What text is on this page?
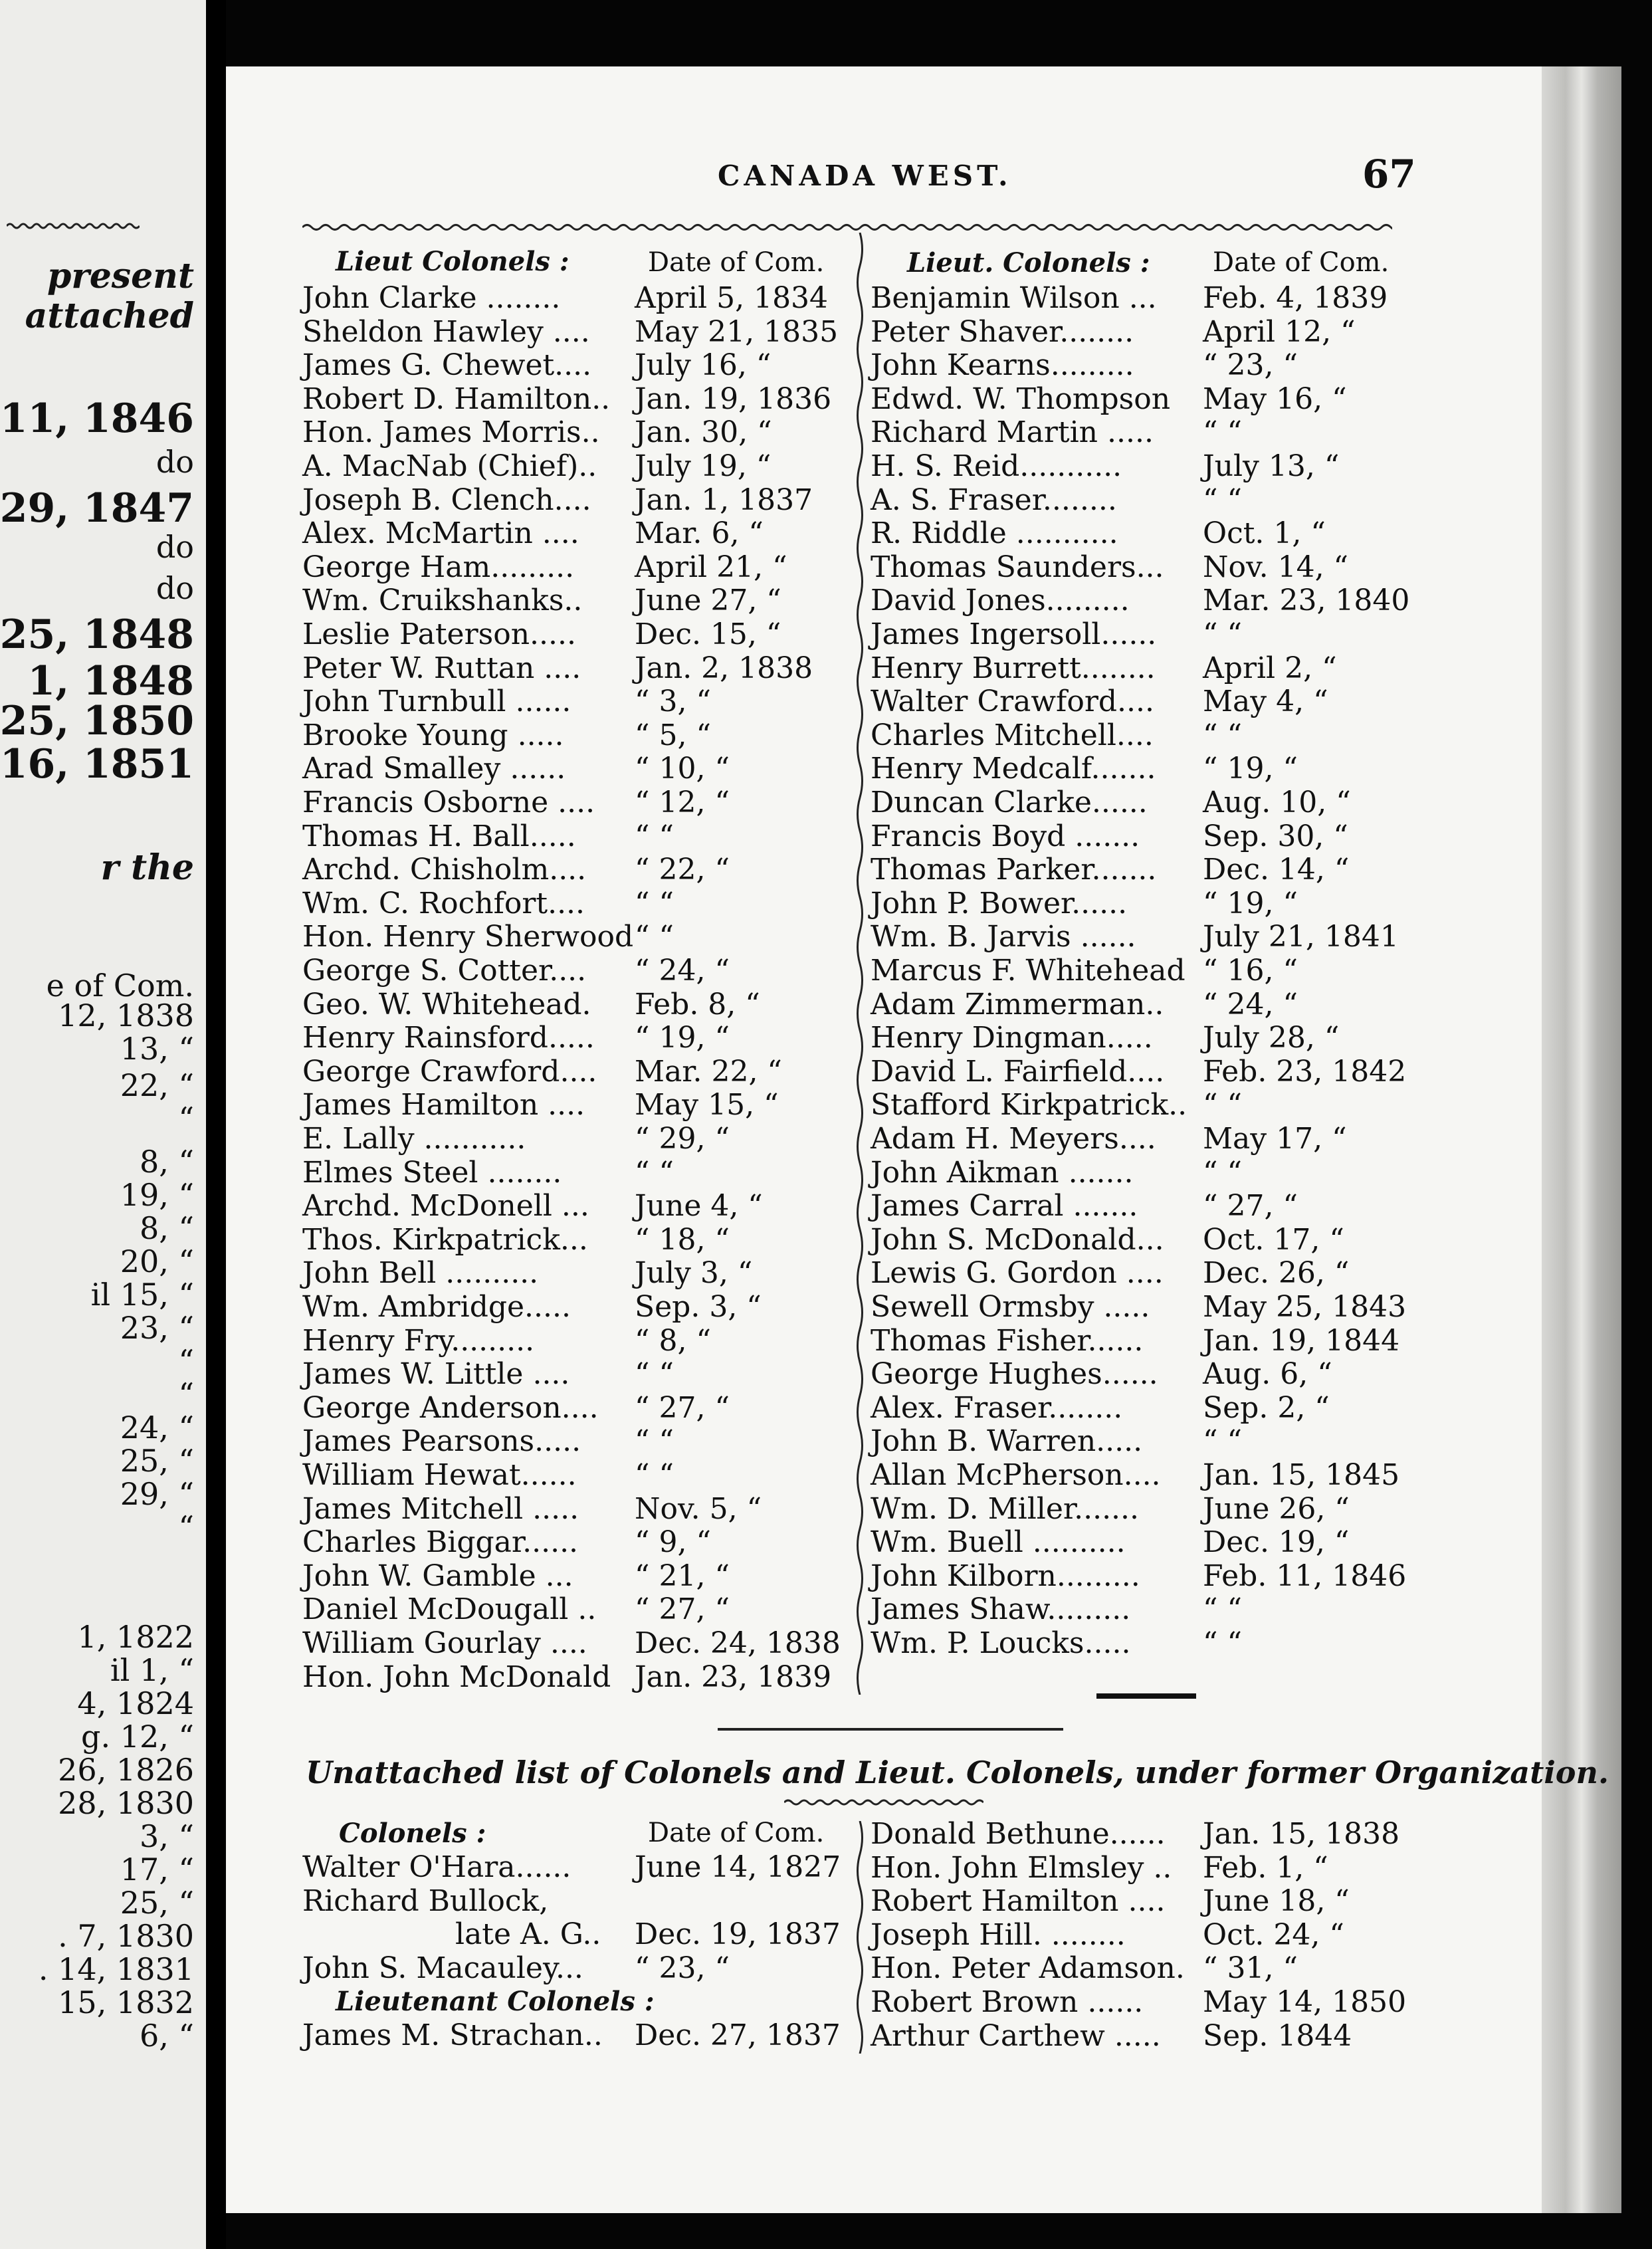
present
attached
11, 1846
do
29, 1847
do
do
25, 1848
1, 1848
25, 1850
16, 1851
r the
e of Com.
12, 1838
13, “
22, “
“
8, “
19, “
8, “
20, “
il 15, “
23, “
“
“
24, “
25, “
29, “
“
1, 1822
il 1, “
4, 1824
g. 12, “
26, 1826
28, 1830
3, “
17, “
25, “
. 7, 1830
. 14, 1831
15, 1832
6, “
CANADA WEST.	67
Lieut Colonels :	Date of Com.
John Clarke ........	April 5, 1834
Sheldon Hawley .... May 21, 1835
James G. Chewet.... July 16, “
Robert D. Hamilton.. Jan. 19, 1836
Hon. James Morris.. Jan. 30, “
A. MacNab (Chief).. July 19, “
Joseph B. Clench.... Jan. 1, 1837
Alex. McMartin .... Mar. 6, “
George Ham......... April 21, “
Wm. Cruikshanks.. June 27, “
Leslie Paterson..... Dec. 15, “
Peter W. Ruttan .... Jan. 2, 1838
John Turnbull ...... “ 3, “
Brooke Young ..... “ 5, “
Arad Smalley ...... “ 10, “
Francis Osborne .... “ 12, “
Thomas H. Ball..... “ “
Archd. Chisholm.... “ 22, “
Wm. C. Rochfort.... “ “
Hon. Henry Sherwood “ “
George S. Cotter.... “ 24, “
Geo. W. Whitehead. Feb. 8, “
Henry Rainsford..... “ 19, “
George Crawford.... Mar. 22, “
James Hamilton .... May 15, “
E. Lally ...........	“ 29, “
Elmes Steel ........ “ “
Archd. McDonell ... June 4, “
Thos. Kirkpatrick... “ 18, “
John Bell ..........	July 3, “
Wm. Ambridge..... Sep. 3, “
Henry Fry.........	“ 8, “
James W. Little .... “ “
George Anderson.... “ 27, “
James Pearsons..... “ “
William Hewat...... “ “
James Mitchell ..... Nov. 5, “
Charles Biggar...... “ 9, “
John W. Gamble ... “ 21, “
Daniel McDougall .. “ 27, “
William Gourlay .... Dec. 24, 1838
Hon. John McDonald Jan. 23, 1839
Lieut. Colonels : Date of Com.
Benjamin Wilson ... Feb. 4, 1839
Peter Shaver........ April 12, “
John Kearns......... “ 23, “
Edwd. W. Thompson May 16, “
Richard Martin ..... “ “
H. S. Reid...........	July 13, “
A. S. Fraser........	“ “
R. Riddle ...........	Oct. 1, “
Thomas Saunders... Nov. 14, “
David Jones.........	Mar. 23, 1840
James Ingersoll...... “ “
Henry Burrett........ April 2, “
Walter Crawford.... May 4, “
Charles Mitchell.... “ “
Henry Medcalf....... “ 19, “
Duncan Clarke...... Aug. 10, “
Francis Boyd ....... Sep. 30, “
Thomas Parker....... Dec. 14, “
John P. Bower......	“ 19, “
Wm. B. Jarvis ...... July 21, 1841
Marcus F. Whitehead “ 16, “
Adam Zimmerman.. “ 24, “
Henry Dingman..... July 28, “
David L. Fairfield.... Feb. 23, 1842
Stafford Kirkpatrick.. “ “
Adam H. Meyers.... May 17, “
John Aikman ....... “ “
James Carral ....... “ 27, “
John S. McDonald... Oct. 17, “
Lewis G. Gordon .... Dec. 26, “
Sewell Ormsby ..... May 25, 1843
Thomas Fisher...... Jan. 19, 1844
George Hughes...... Aug. 6, “
Alex. Fraser........	Sep. 2, “
John B. Warren..... “ “
Allan McPherson.... Jan. 15, 1845
Wm. D. Miller....... June 26, “
Wm. Buell ..........	Dec. 19, “
John Kilborn......... Feb. 11, 1846
James Shaw......... “ “
Wm. P. Loucks..... “ “
Unattached list of Colonels and Lieut. Colonels, under former Organization.
Colonels :	Date of Com.
Walter O'Hara...... June 14, 1827
Richard Bullock,
late A. G.. Dec. 19, 1837
John S. Macauley... “ 23, “
Lieutenant Colonels :
James M. Strachan.. Dec. 27, 1837
Donald Bethune...... Jan. 15, 1838
Hon. John Elmsley .. Feb. 1, “
Robert Hamilton .... June 18, “
Joseph Hill. ........	Oct. 24, “
Hon. Peter Adamson. “ 31, “
Robert Brown ...... May 14, 1850
Arthur Carthew ..... Sep. 1844
